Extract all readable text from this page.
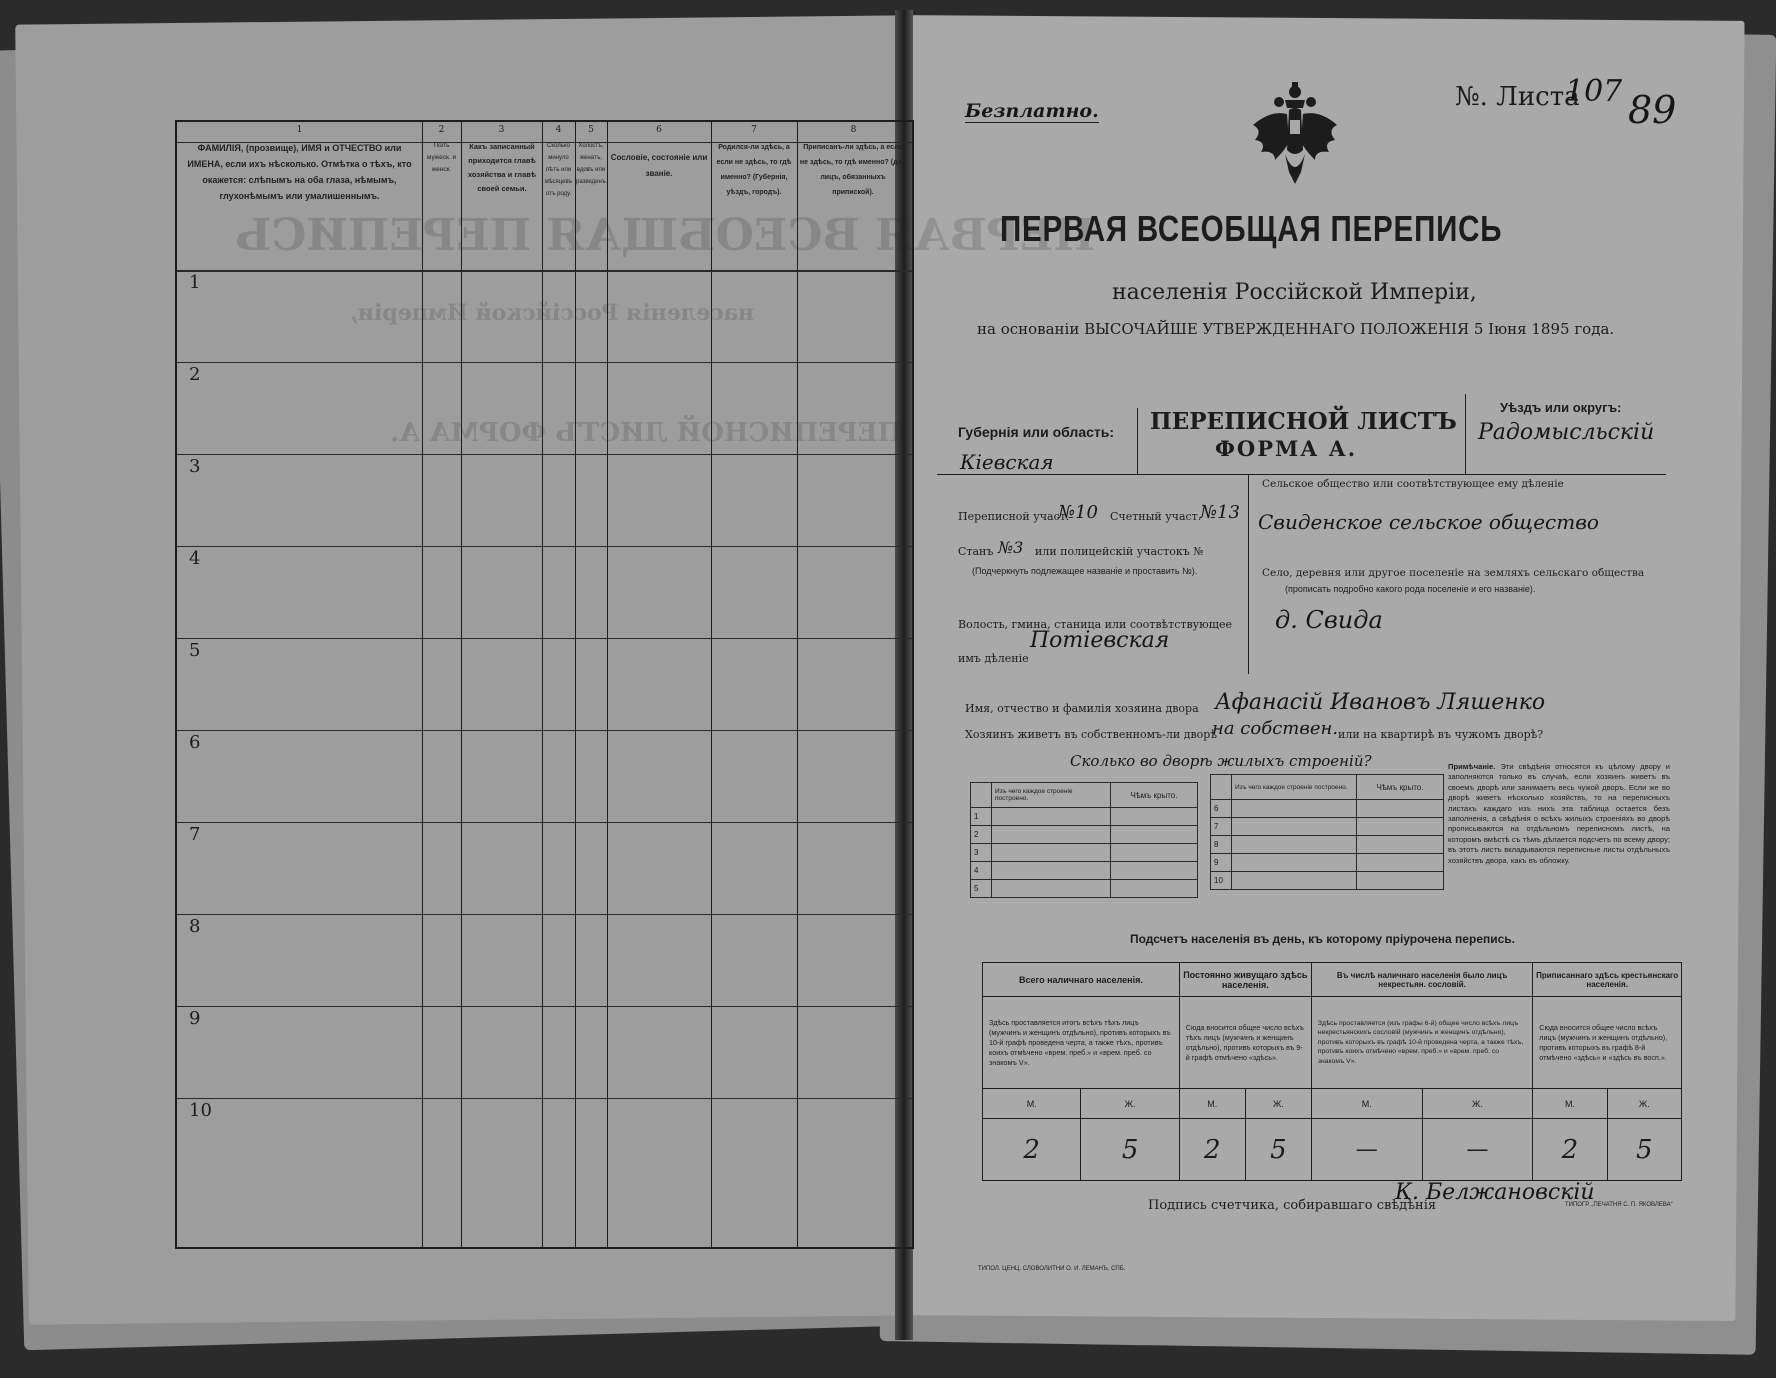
ПЕРВАЯ ВСЕОБЩАЯ ПЕРЕПИСЬ
населенія Россійской Имперіи,
ПЕРЕПИСНОЙ ЛИСТЪ ФОРМА А.
1	2	3	4	5	6	7	8
ФАМИЛІЯ, (прозвище), ИМЯ и ОТЧЕСТВО или ИМЕНА, если ихъ нѣсколько. Отмѣтка о тѣхъ, кто окажется: слѣпымъ на оба глаза, нѣмымъ, глухонѣмымъ или умалишеннымъ.
Полъ мужеск. и женск.
Какъ записанный приходится главѣ хозяйства и главѣ своей семьи.
Сколько минуло лѣтъ или мѣсяцевъ отъ роду.
Холостъ, женатъ, вдовъ или разведенъ.
Сословіе, состояніе или званіе.
Родился-ли здѣсь, а если не здѣсь, то гдѣ именно? (Губернія, уѣздъ, городъ).
Приписанъ-ли здѣсь, а если не здѣсь, то гдѣ именно? (для лицъ, обязанныхъ припиской).
1
2
3
4
5
6
7
8
9
10
Безплатно.	№. Листа
107 89
ПЕРВАЯ ВСЕОБЩАЯ ПЕРЕПИСЬ
населенія Россійской Имперіи,
на основаніи ВЫСОЧАЙШЕ УТВЕРЖДЕННАГО ПОЛОЖЕНІЯ 5 Іюня 1895 года.
Губернія или область:
Кіевская
ПЕРЕПИСНОЙ ЛИСТЪ
ФОРМА А.
Уѣздъ или округъ:
Радомысльскій
Переписной участ.
№10 Счетный участ.
№13
Станъ №3 или полицейскій участокъ №
(Подчеркнуть подлежащее названіе и проставить №).
Волость, гмина, станица или соотвѣтствующее имъ дѣленіе
Потіевская
Сельское общество или соотвѣтствующее ему дѣленіе
Свиденское сельское общество
Село, деревня или другое поселеніе на земляхъ сельскаго общества
(прописать подробно какого рода поселеніе и его названіе).
д. Свида
Имя, отчество и фамилія хозяина двора Афанасій Ивановъ Ляшенко
Хозяинъ живетъ въ собственномъ-ли дворѣ
на собствен. или на квартирѣ въ чужомъ дворѣ?
Сколько во дворѣ жилыхъ строеній?
	Изъ чего каждое строеніе построено.	Чѣмъ крыто.
1		
2		
3		
4		
5		
	Изъ чего каждое строеніе построено.	Чѣмъ крыто.
6		
7		
8		
9		
10		
Примѣчаніе. Эти свѣдѣнія относятся къ цѣлому двору и заполняются только въ случаѣ, если хозяинъ живетъ въ своемъ дворѣ или занимаетъ весь чужой дворъ. Если же во дворѣ живетъ нѣсколько хозяйствъ, то на переписныхъ листахъ каждаго изъ нихъ эта таблица остается безъ заполненія, а свѣдѣнія о всѣхъ жилыхъ строеніяхъ во дворѣ прописываются на отдѣльномъ переписномъ листѣ, на которомъ вмѣстѣ съ тѣмъ дѣлается подсчетъ по всему двору; въ этотъ листъ вкладываются переписные листы отдѣльныхъ хозяйствъ двора, какъ въ обложку.
Подсчетъ населенія въ день, къ которому пріурочена перепись.
Всего наличнаго населенія.		Постоянно живущаго здѣсь населенія.		Въ числѣ наличнаго населенія было лицъ некрестьян. сословій.		Приписаннаго здѣсь крестьянскаго населенія.	
Здѣсь проставляется итогъ всѣхъ тѣхъ лицъ (мужчинъ и женщинъ отдѣльно), противъ которыхъ въ 10-й графѣ проведена черта, а также тѣхъ, противъ коихъ отмѣчено «врем. преб.» и «врем. преб. со знакомъ V».		Сюда вносится общее число всѣхъ тѣхъ лицъ (мужчинъ и женщинъ отдѣльно), противъ которыхъ въ 9-й графѣ отмѣчено «здѣсь».		Здѣсь проставляется (изъ графы 6-й) общее число всѣхъ лицъ некрестьянскихъ сословій (мужчинъ и женщинъ отдѣльно), противъ которыхъ въ графѣ 10-й проведена черта, а также тѣхъ, противъ коихъ отмѣчено «врем. преб.» и «врем. преб. со знакомъ V».		Сюда вносится общее число всѣхъ лицъ (мужчинъ и женщинъ отдѣльно), противъ которыхъ въ графѣ 8-й отмѣчено «здѣсь» и «здѣсь въ восп.».	
М.	Ж.	М.	Ж.	М.	Ж.	М.	Ж.
2	5	2	5	—	—	2	5
Подпись счетчика, собиравшаго свѣдѣнія
К. Белжановскій
ТИПОЛ. ЦЕНЦ. СЛОВОЛИТНИ О. И. ЛЕМАНЪ, СПБ.
ТИПОГР. „ПЕЧАТНЯ С. П. ЯКОВЛЕВА“
